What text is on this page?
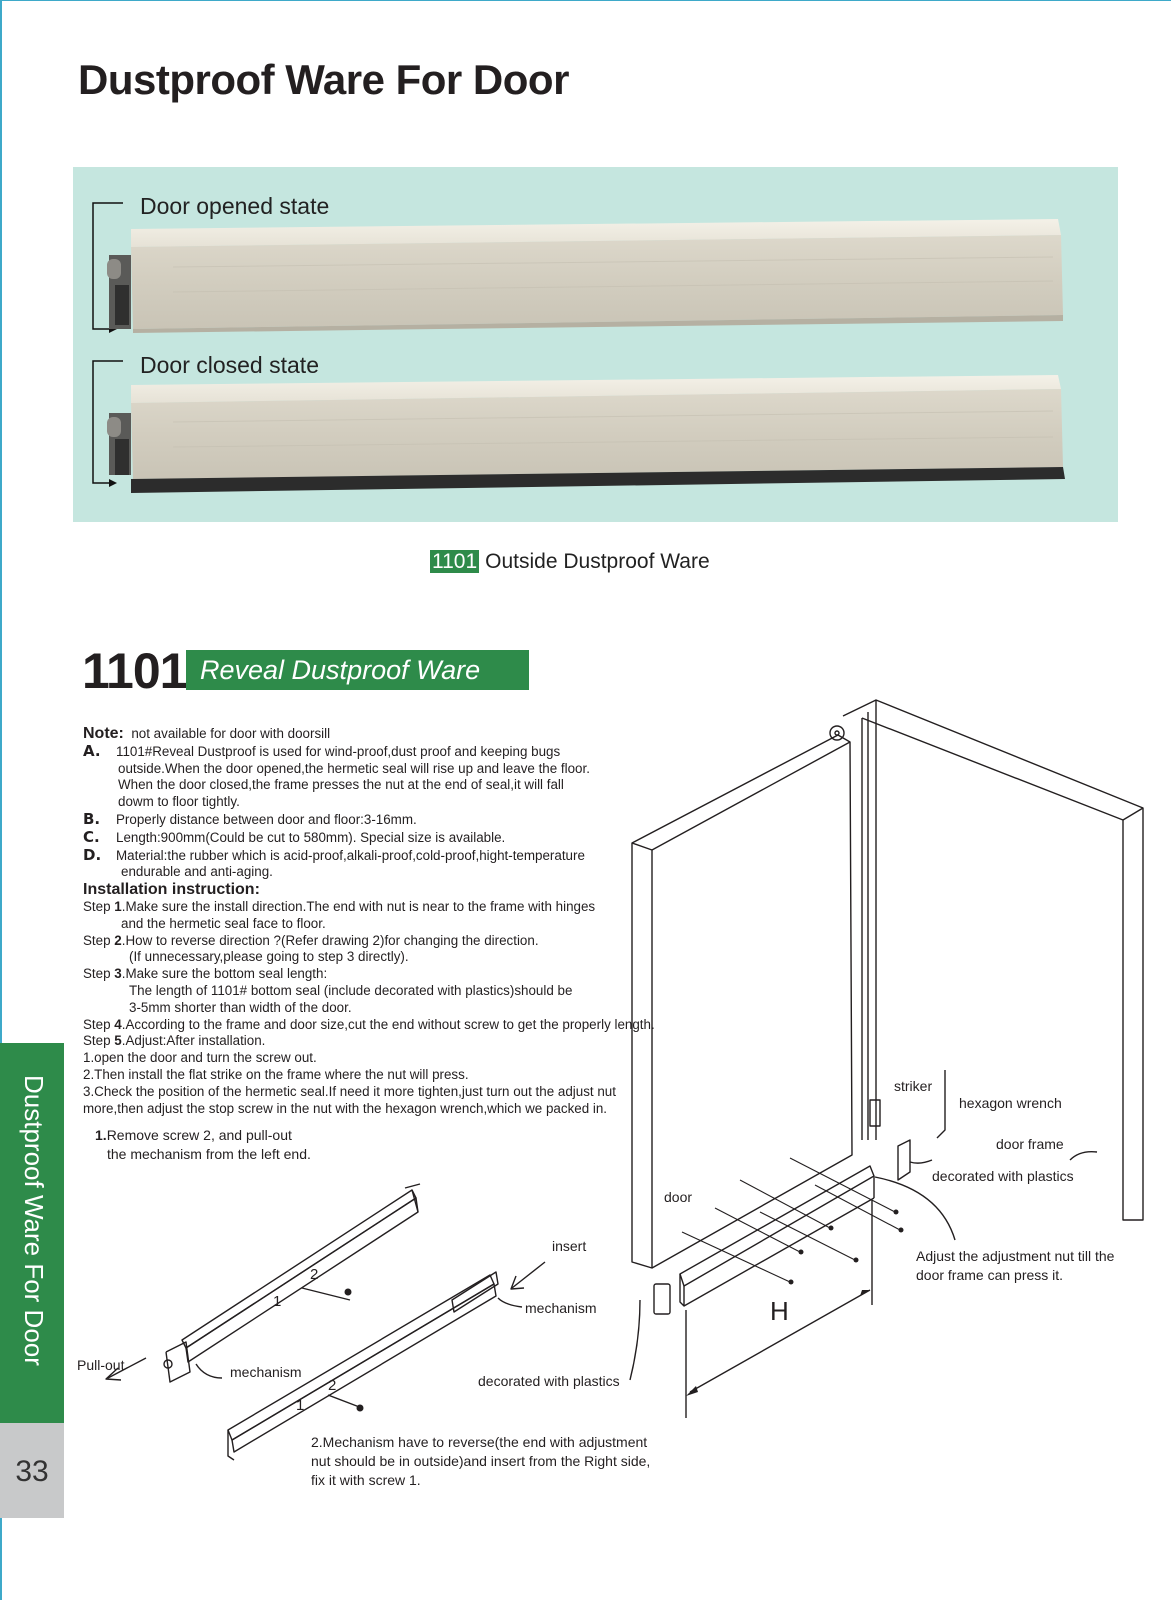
Dustproof Ware For Door
Door opened state
Door closed state
1101 Outside Dustproof Ware
1101 Reveal Dustproof Ware
Note: not available for door with doorsill
A. 1101#Reveal Dustproof is used for wind-proof,dust proof and keeping bugs
outside.When the door opened,the hermetic seal will rise up and leave the floor.
When the door closed,the frame presses the nut at the end of seal,it will fall
dowm to floor tightly.
B. Properly distance between door and floor:3-16mm.
C. Length:900mm(Could be cut to 580mm). Special size is available.
D. Material:the rubber which is acid-proof,alkali-proof,cold-proof,hight-temperature
endurable and anti-aging.
Installation instruction:
Step 1.Make sure the install direction.The end with nut is near to the frame with hinges
and the hermetic seal face to floor.
Step 2.How to reverse direction ?(Refer drawing 2)for changing the direction.
(If unnecessary,please going to step 3 directly).
Step 3.Make sure the bottom seal length:
The length of 1101# bottom seal (include decorated with plastics)should be
3-5mm shorter than width of the door.
Step 4.According to the frame and door size,cut the end without screw to get the properly length.
Step 5.Adjust:After installation.
1.open the door and turn the screw out.
2.Then install the flat strike on the frame where the nut will press.
3.Check the position of the hermetic seal.If need it more tighten,just turn out the adjust nut
more,then adjust the stop screw in the nut with the hexagon wrench,which we packed in.
1.Remove screw 2, and pull-out
the mechanism from the left end.
insert
mechanism
Pull-out	mechanism
decorated with plastics
1
2
1
2
2.Mechanism have to reverse(the end with adjustment
nut should be in outside)and insert from the Right side,
fix it with screw 1.
striker
hexagon wrench
door frame
decorated with plastics
door
H
Adjust the adjustment nut till the
door frame can press it.
Dustproof Ware For Door
33
